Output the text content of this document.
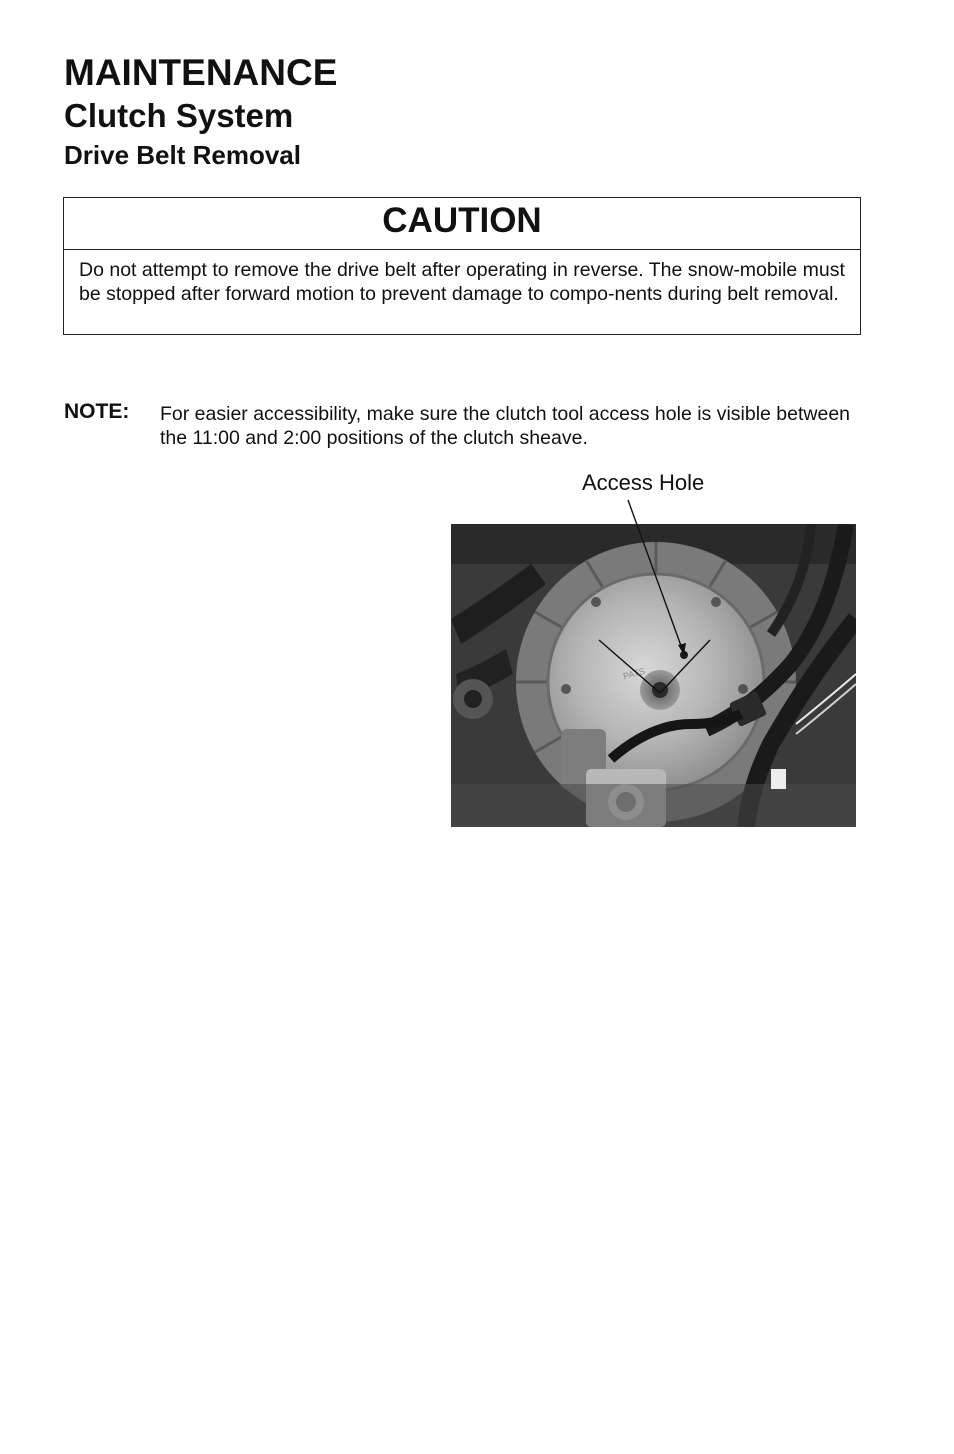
MAINTENANCE
Clutch System
Drive Belt Removal
CAUTION
Do not attempt to remove the drive belt after operating in reverse. The snow-mobile must be stopped after forward motion to prevent damage to compo-nents during belt removal.
NOTE: For easier accessibility, make sure the clutch tool access hole is visible between the 11:00 and 2:00 positions of the clutch sheave.
Access Hole
PATS
